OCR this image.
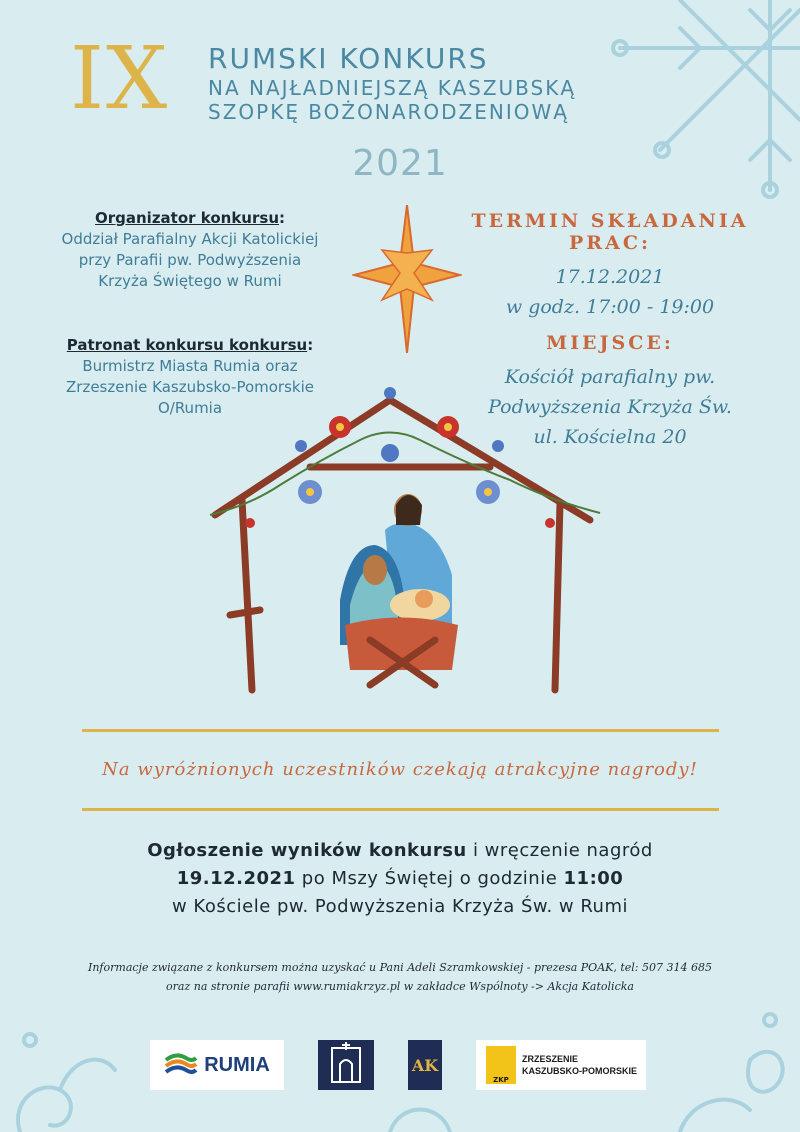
IX RUMSKI KONKURS
NA NAJŁADNIEJSZĄ KASZUBSKĄ
SZOPKĘ BOŻONARODZENIOWĄ
2021
Organizator konkursu:
Oddział Parafialny Akcji Katolickiej
przy Parafii pw. Podwyższenia
Krzyża Świętego w Rumi
Patronat konkursu konkursu:
Burmistrz Miasta Rumia oraz
Zrzeszenie Kaszubsko-Pomorskie
O/Rumia
TERMIN SKŁADANIA PRAC:
17.12.2021
w godz. 17:00 - 19:00
MIEJSCE:
Kościół parafialny pw.
Podwyższenia Krzyża Św.
ul. Kościelna 20
Na wyróżnionych uczestników czekają atrakcyjne nagrody!
Ogłoszenie wyników konkursu i wręczenie nagród
19.12.2021 po Mszy Świętej o godzinie 11:00
w Kościele pw. Podwyższenia Krzyża Św. w Rumi
Informacje związane z konkursem można uzyskać u Pani Adeli Szramkowskiej - prezesa POAK, tel: 507 314 685
oraz na stronie parafii www.rumiakrzyz.pl w zakładce Wspólnoty -> Akcja Katolicka
RUMIA	AK
ZKP
ZRZESZENIE
KASZUBSKO-POMORSKIE
